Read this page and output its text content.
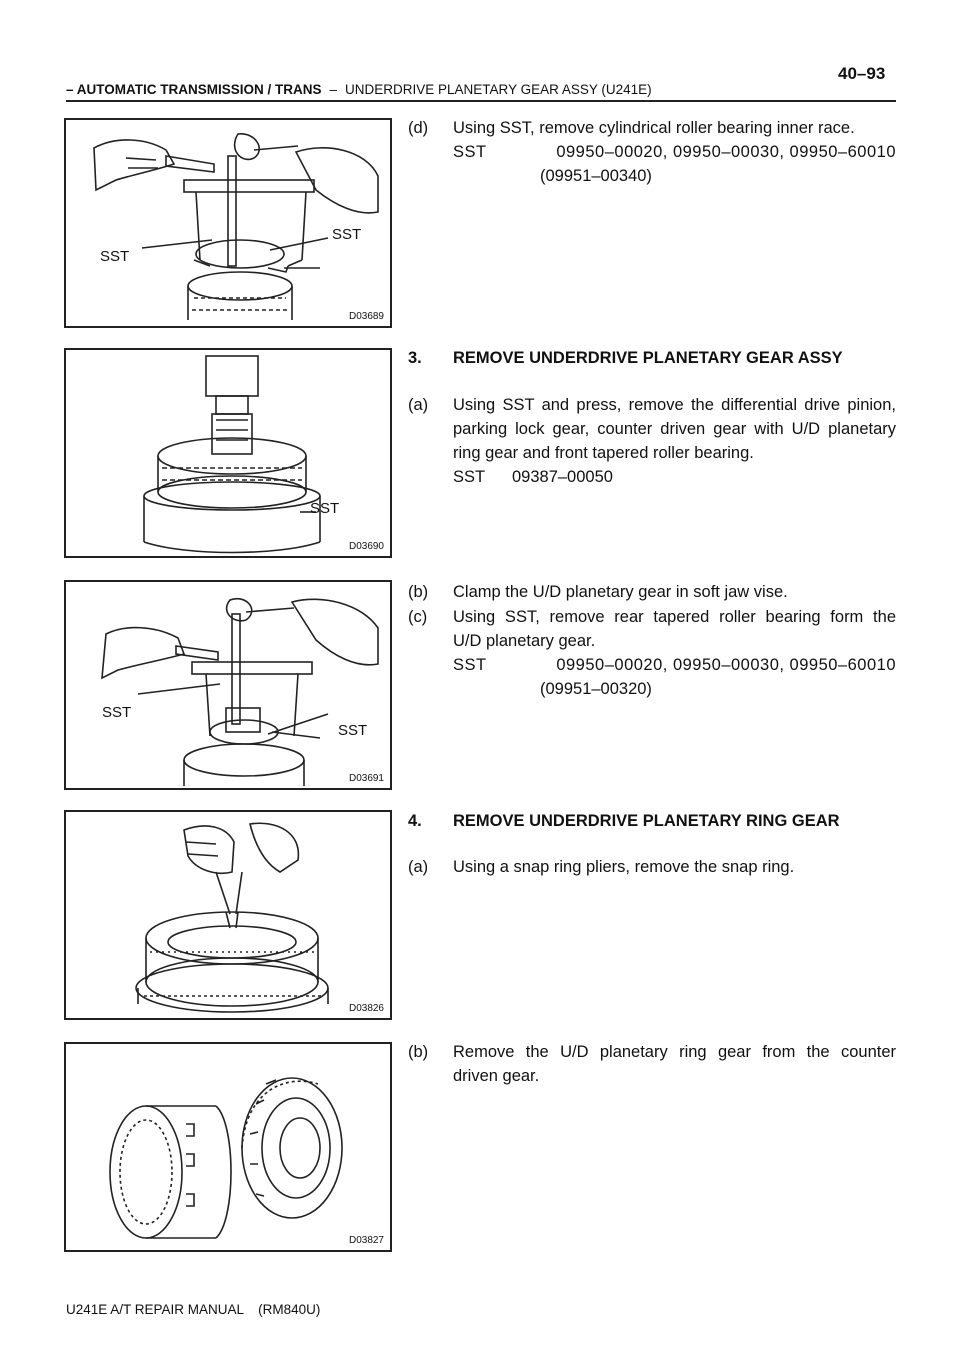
40–93
– AUTOMATIC TRANSMISSION / TRANS – UNDERDRIVE PLANETARY GEAR ASSY (U241E)
SST
SST
D03689
SST
D03690
SST
SST
D03691
D03826
D03827
(d) Using SST, remove cylindrical roller bearing inner race.
SST	09950–00020, 09950–00030, 09950–60010
(09951–00340)
3. REMOVE UNDERDRIVE PLANETARY GEAR ASSY
(a) Using SST and press, remove the differential drive pinion,
parking lock gear, counter driven gear with U/D planetary
ring gear and front tapered roller bearing.
SST 09387–00050
(b) Clamp the U/D planetary gear in soft jaw vise.
(c) Using SST, remove rear tapered roller bearing form the
U/D planetary gear.
SST	09950–00020, 09950–00030, 09950–60010
(09951–00320)
4. REMOVE UNDERDRIVE PLANETARY RING GEAR
(a) Using a snap ring pliers, remove the snap ring.
(b) Remove the U/D planetary ring gear from the counter
driven gear.
U241E A/T REPAIR MANUAL (RM840U)
